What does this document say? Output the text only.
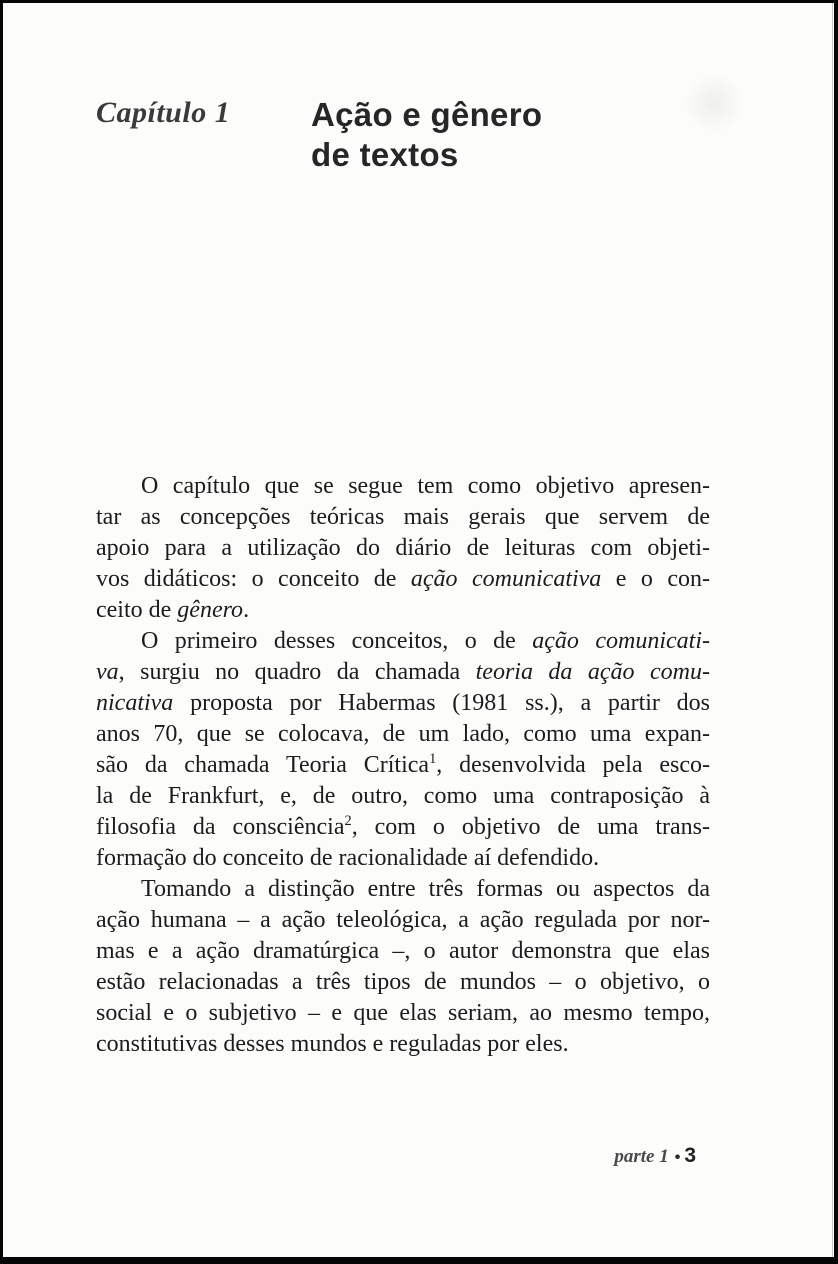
Capítulo 1	Ação e gênero
de textos
O capítulo que se segue tem como objetivo apresen-
tar as concepções teóricas mais gerais que servem de
apoio para a utilização do diário de leituras com objeti-
vos didáticos: o conceito de ação comunicativa e o con-
ceito de gênero.
O primeiro desses conceitos, o de ação comunicati-
va, surgiu no quadro da chamada teoria da ação comu-
nicativa proposta por Habermas (1981 ss.), a partir dos
anos 70, que se colocava, de um lado, como uma expan-
são da chamada Teoria Crítica$^1$, desenvolvida pela esco-
la de Frankfurt, e, de outro, como uma contraposição à
filosofia da consciência$^2$, com o objetivo de uma trans-
formação do conceito de racionalidade aí defendido.
Tomando a distinção entre três formas ou aspectos da
ação humana – a ação teleológica, a ação regulada por nor-
mas e a ação dramatúrgica –, o autor demonstra que elas
estão relacionadas a três tipos de mundos – o objetivo, o
social e o subjetivo – e que elas seriam, ao mesmo tempo,
constitutivas desses mundos e reguladas por eles.
parte 1 • 3
